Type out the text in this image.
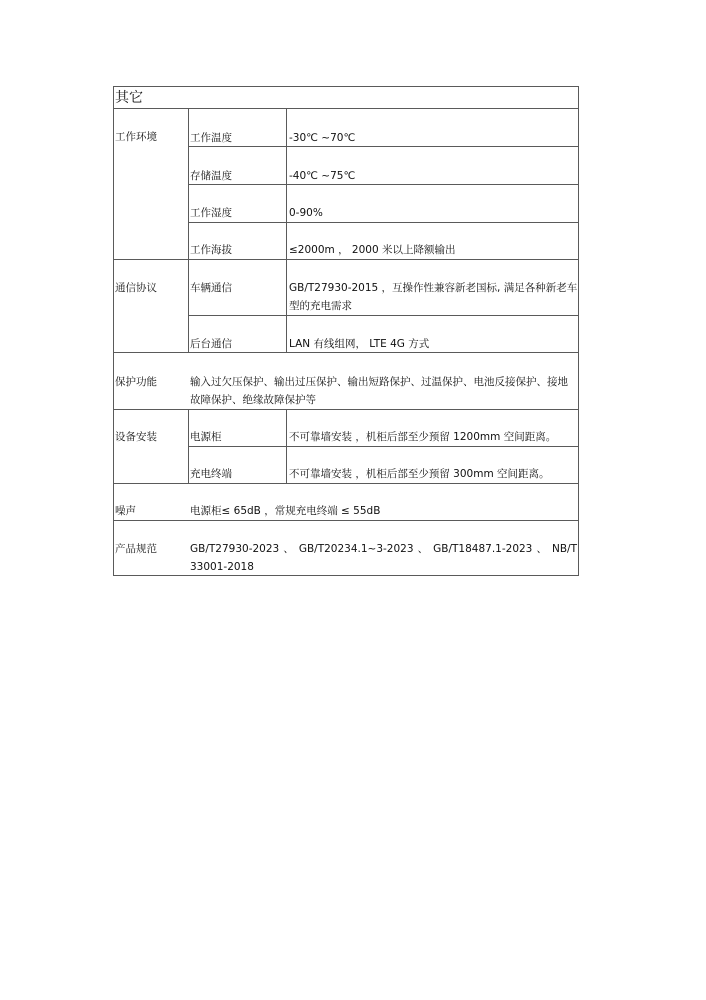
其它
工作环境	工作温度	-30℃ ~70℃
存储温度	-40℃ ~75℃
工作湿度	0-90%
工作海拔	≤2000m ， 2000 米以上降额输出
通信协议	车辆通信	GB/T27930-2015 ，互操作性兼容新老国标, 满足各种新老车
型的充电需求
后台通信	LAN 有线组网， LTE 4G 方式
保护功能	输入过欠压保护、输出过压保护、输出短路保护、过温保护、电池反接保护、接地
故障保护、绝缘故障保护等
设备安装	电源柜	不可靠墙安装 ，机柜后部至少预留 1200mm 空间距离。
充电终端	不可靠墙安装 ，机柜后部至少预留 300mm 空间距离。
噪声	电源柜≤ 65dB ，常规充电终端 ≤ 55dB
产品规范	GB/T27930-2023 、 GB/T20234.1~3-2023 、 GB/T18487.1-2023 、 NB/T
33001-2018
